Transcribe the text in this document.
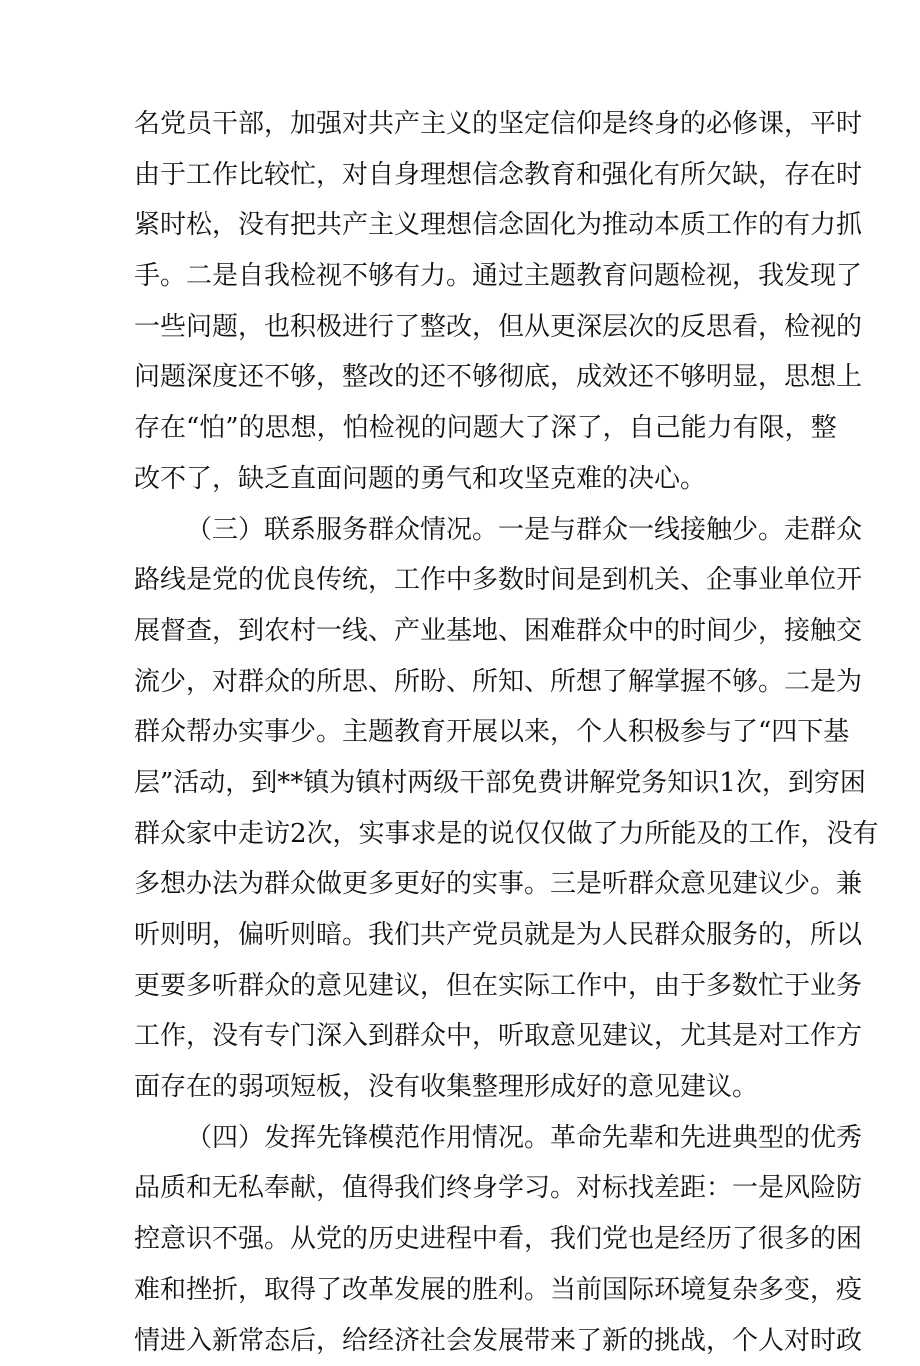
名党员干部，加强对共产主义的坚定信仰是终身的必修课，平时
由于工作比较忙，对自身理想信念教育和强化有所欠缺，存在时
紧时松，没有把共产主义理想信念固化为推动本质工作的有力抓
手。二是自我检视不够有力。通过主题教育问题检视，我发现了
一些问题，也积极进行了整改，但从更深层次的反思看，检视的
问题深度还不够，整改的还不够彻底，成效还不够明显，思想上
存在“怕”的思想，怕检视的问题大了深了，自己能力有限，整
改不了，缺乏直面问题的勇气和攻坚克难的决心。
（三）联系服务群众情况。一是与群众一线接触少。走群众
路线是党的优良传统，工作中多数时间是到机关、企事业单位开
展督查，到农村一线、产业基地、困难群众中的时间少，接触交
流少，对群众的所思、所盼、所知、所想了解掌握不够。二是为
群众帮办实事少。主题教育开展以来，个人积极参与了“四下基
层”活动，到**镇为镇村两级干部免费讲解党务知识1次，到穷困
群众家中走访2次，实事求是的说仅仅做了力所能及的工作，没有
多想办法为群众做更多更好的实事。三是听群众意见建议少。兼
听则明，偏听则暗。我们共产党员就是为人民群众服务的，所以
更要多听群众的意见建议，但在实际工作中，由于多数忙于业务
工作，没有专门深入到群众中，听取意见建议，尤其是对工作方
面存在的弱项短板，没有收集整理形成好的意见建议。
（四）发挥先锋模范作用情况。革命先辈和先进典型的优秀
品质和无私奉献，值得我们终身学习。对标找差距：一是风险防
控意识不强。从党的历史进程中看，我们党也是经历了很多的困
难和挫折，取得了改革发展的胜利。当前国际环境复杂多变，疫
情进入新常态后，给经济社会发展带来了新的挑战，个人对时政
